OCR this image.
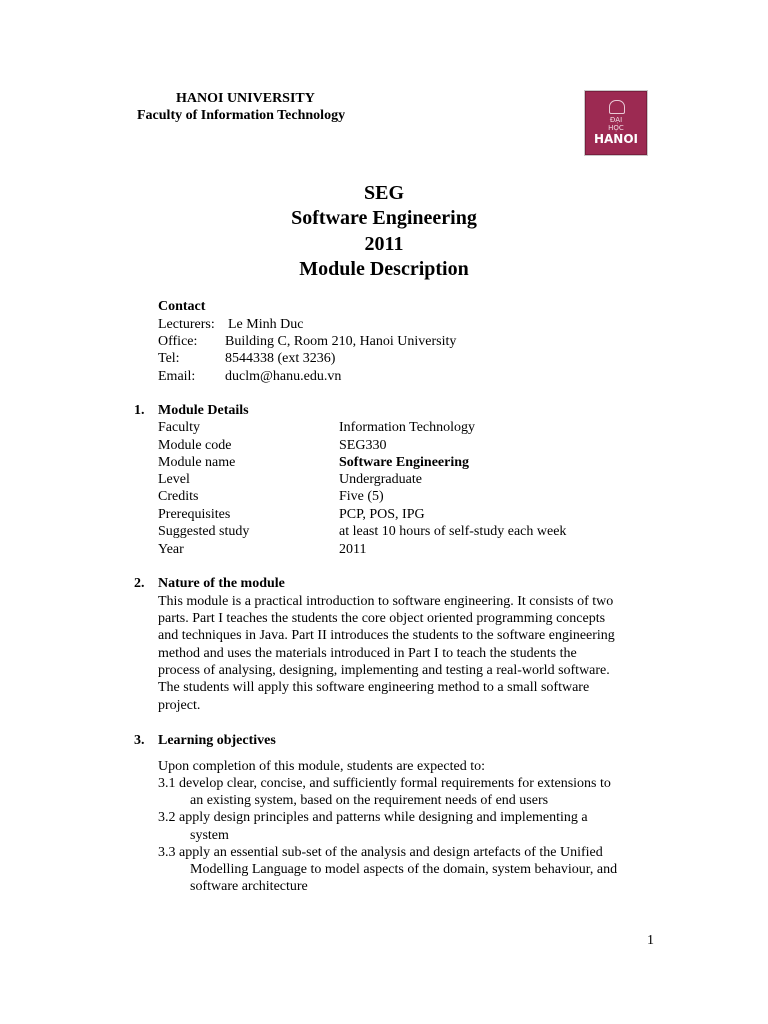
HANOI UNIVERSITY
Faculty of Information Technology	ĐẠI
HỌC
HANOI
SEG
Software Engineering
2011
Module Description
Contact
Lecturers: Le Minh Duc
Office: Building C, Room 210, Hanoi University
Tel:	8544338 (ext 3236)
Email: duclm@hanu.edu.vn
1. Module Details
Faculty	Information Technology
Module code	SEG330
Module name	Software Engineering
Level	Undergraduate
Credits	Five (5)
Prerequisites	PCP, POS, IPG
Suggested study	at least 10 hours of self-study each week
Year	2011
2. Nature of the module
This module is a practical introduction to software engineering. It consists of two
parts. Part I teaches the students the core object oriented programming concepts
and techniques in Java. Part II introduces the students to the software engineering
method and uses the materials introduced in Part I to teach the students the
process of analysing, designing, implementing and testing a real-world software.
The students will apply this software engineering method to a small software
project.
3. Learning objectives
Upon completion of this module, students are expected to:
3.1 develop clear, concise, and sufficiently formal requirements for extensions to
an existing system, based on the requirement needs of end users
3.2 apply design principles and patterns while designing and implementing a
system
3.3 apply an essential sub-set of the analysis and design artefacts of the Unified
Modelling Language to model aspects of the domain, system behaviour, and
software architecture
1
